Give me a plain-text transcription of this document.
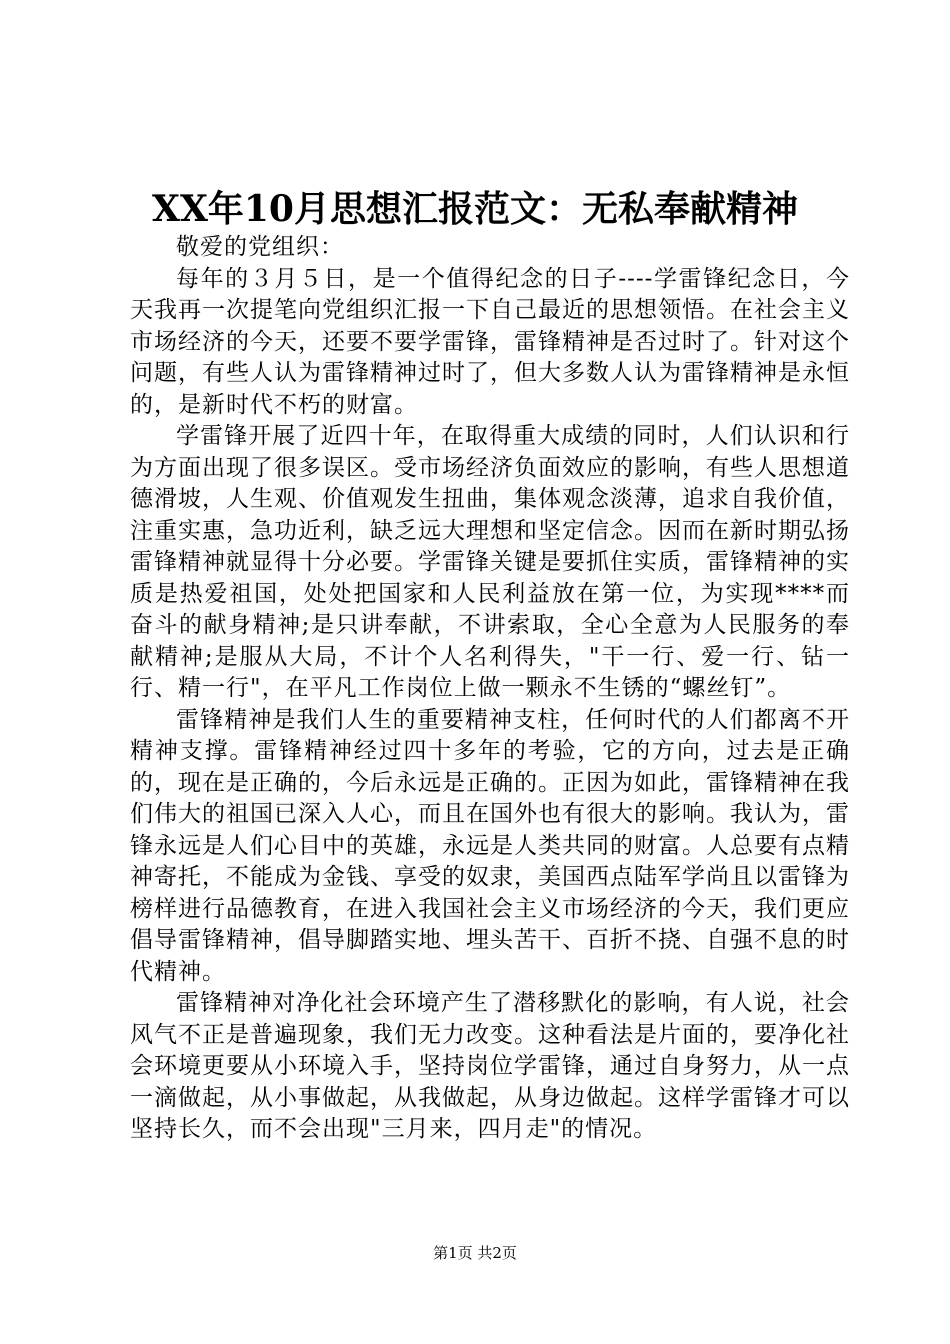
XX年10月思想汇报范文：无私奉献精神

敬爱的党组织：

每年的３月５日，是一个值得纪念的日子----学雷锋纪念日，今天我再一次提笔向党组织汇报一下自己最近的思想领悟。在社会主义市场经济的今天，还要不要学雷锋，雷锋精神是否过时了。针对这个问题，有些人认为雷锋精神过时了，但大多数人认为雷锋精神是永恒的，是新时代不朽的财富。

学雷锋开展了近四十年，在取得重大成绩的同时，人们认识和行为方面出现了很多误区。受市场经济负面效应的影响，有些人思想道德滑坡，人生观、价值观发生扭曲，集体观念淡薄，追求自我价值，注重实惠，急功近利，缺乏远大理想和坚定信念。因而在新时期弘扬雷锋精神就显得十分必要。学雷锋关键是要抓住实质，雷锋精神的实质是热爱祖国，处处把国家和人民利益放在第一位，为实现****而奋斗的献身精神;是只讲奉献，不讲索取，全心全意为人民服务的奉献精神;是服从大局，不计个人名利得失，"干一行、爱一行、钻一行、精一行"，在平凡工作岗位上做一颗永不生锈的“螺丝钉”。

雷锋精神是我们人生的重要精神支柱，任何时代的人们都离不开精神支撑。雷锋精神经过四十多年的考验，它的方向，过去是正确的，现在是正确的，今后永远是正确的。正因为如此，雷锋精神在我们伟大的祖国已深入人心，而且在国外也有很大的影响。我认为，雷锋永远是人们心目中的英雄，永远是人类共同的财富。人总要有点精神寄托，不能成为金钱、享受的奴隶，美国西点陆军学尚且以雷锋为榜样进行品德教育，在进入我国社会主义市场经济的今天，我们更应倡导雷锋精神，倡导脚踏实地、埋头苦干、百折不挠、自强不息的时代精神。

雷锋精神对净化社会环境产生了潜移默化的影响，有人说，社会风气不正是普遍现象，我们无力改变。这种看法是片面的，要净化社会环境更要从小环境入手，坚持岗位学雷锋，通过自身努力，从一点一滴做起，从小事做起，从我做起，从身边做起。这样学雷锋才可以坚持长久，而不会出现"三月来，四月走"的情况。

第1页 共2页
